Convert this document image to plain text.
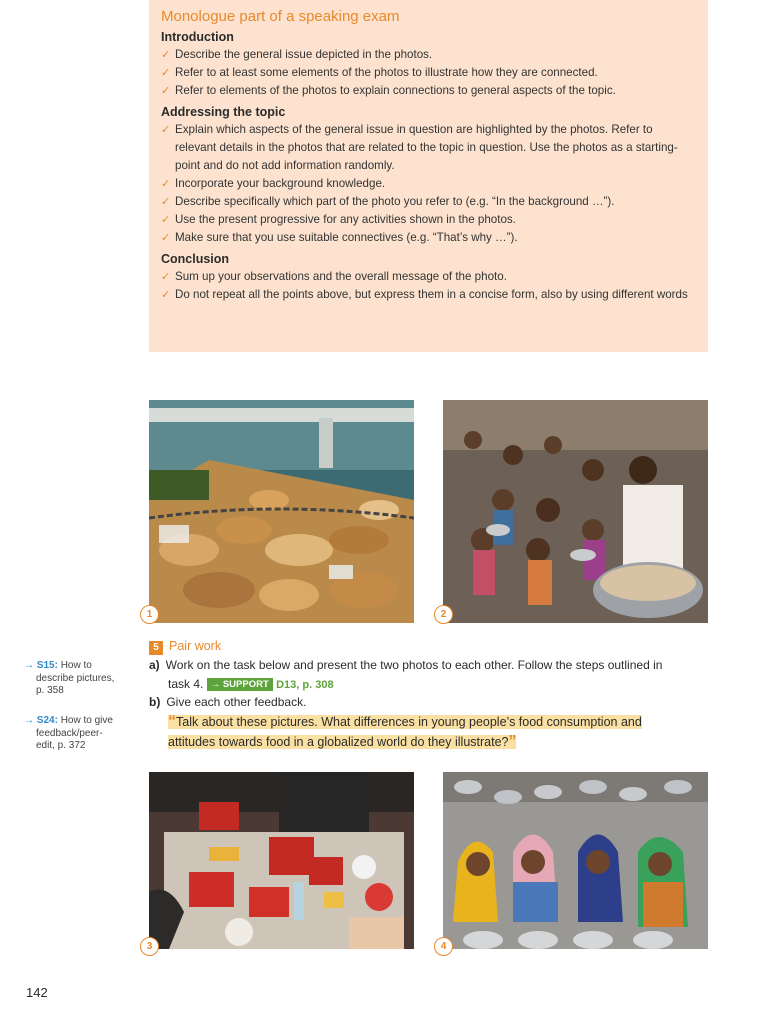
Monologue part of a speaking exam
Introduction
✓ Describe the general issue depicted in the photos.
✓ Refer to at least some elements of the photos to illustrate how they are connected.
✓ Refer to elements of the photos to explain connections to general aspects of the topic.
Addressing the topic
✓ Explain which aspects of the general issue in question are highlighted by the photos. Refer to relevant details in the photos that are related to the topic in question. Use the photos as a starting-point and do not add information randomly.
✓ Incorporate your background knowledge.
✓ Describe specifically which part of the photo you refer to (e.g. “In the background …”).
✓ Use the present progressive for any activities shown in the photos.
✓ Make sure that you use suitable connectives (e.g. “That’s why …”).
Conclusion
✓ Sum up your observations and the overall message of the photo.
✓ Do not repeat all the points above, but express them in a concise form, also by using different words
1	2
→ S15: How to
describe pictures,
p. 358
→ S24: How to give
feedback/peer-
edit, p. 372
5 Pair work
a) Work on the task below and present the two photos to each other. Follow the steps outlined in
task 4. → SUPPORT D13, p. 308
b) Give each other feedback.
“Talk about these pictures. What differences in young people’s food consumption and attitudes towards food in a globalized world do they illustrate?”
3	4
142
